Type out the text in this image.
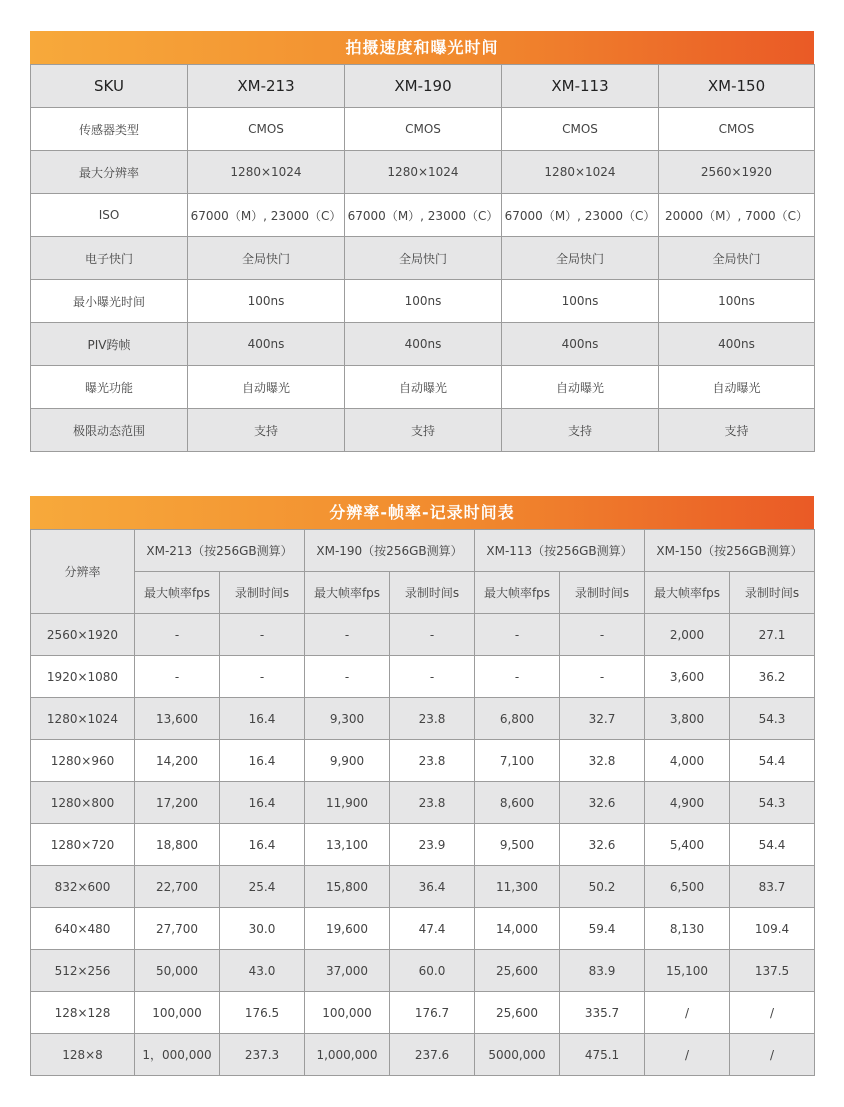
拍摄速度和曝光时间
SKU	XM-213	XM-190	XM-113	XM-150
传感器类型	CMOS	CMOS	CMOS	CMOS
最大分辨率	1280×1024	1280×1024	1280×1024	2560×1920
ISO	67000（M）, 23000（C）	67000（M）, 23000（C）	67000（M）, 23000（C）	20000（M）, 7000（C）
电子快门	全局快门	全局快门	全局快门	全局快门
最小曝光时间	100ns	100ns	100ns	100ns
PIV跨帧	400ns	400ns	400ns	400ns
曝光功能	自动曝光	自动曝光	自动曝光	自动曝光
极限动态范围	支持	支持	支持	支持
分辨率-帧率-记录时间表
分辨率	XM-213（按256GB测算）		XM-190（按256GB测算）		XM-113（按256GB测算）		XM-150（按256GB测算）	
	最大帧率fps	录制时间s	最大帧率fps	录制时间s	最大帧率fps	录制时间s	最大帧率fps	录制时间s
2560×1920	-	-	-	-	-	-	2,000	27.1
1920×1080	-	-	-	-	-	-	3,600	36.2
1280×1024	13,600	16.4	9,300	23.8	6,800	32.7	3,800	54.3
1280×960	14,200	16.4	9,900	23.8	7,100	32.8	4,000	54.4
1280×800	17,200	16.4	11,900	23.8	8,600	32.6	4,900	54.3
1280×720	18,800	16.4	13,100	23.9	9,500	32.6	5,400	54.4
832×600	22,700	25.4	15,800	36.4	11,300	50.2	6,500	83.7
640×480	27,700	30.0	19,600	47.4	14,000	59.4	8,130	109.4
512×256	50,000	43.0	37,000	60.0	25,600	83.9	15,100	137.5
128×128	100,000	176.5	100,000	176.7	25,600	335.7	/	/
128×8	1，000,000	237.3	1,000,000	237.6	5000,000	475.1	/	/
